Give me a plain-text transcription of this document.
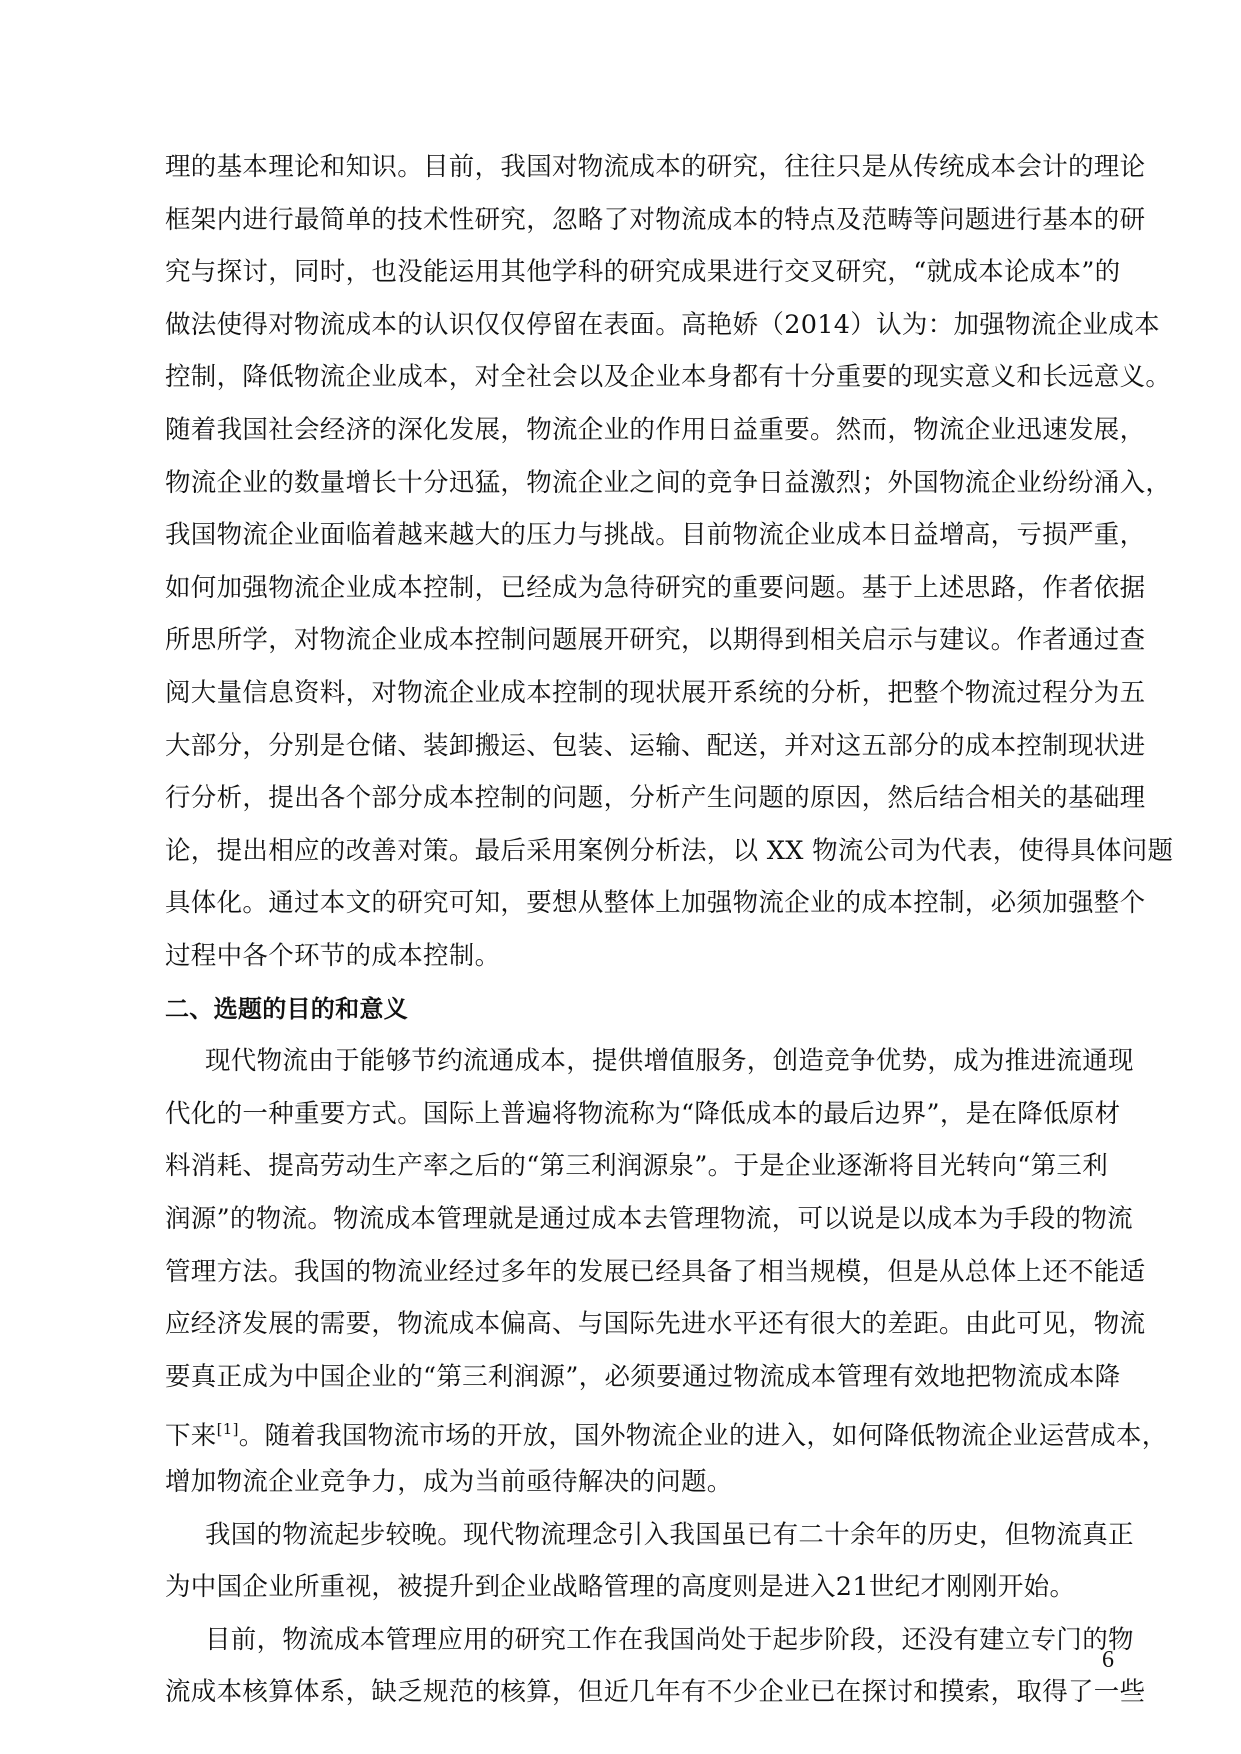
理的基本理论和知识。目前，我国对物流成本的研究，往往只是从传统成本会计的理论
框架内进行最简单的技术性研究，忽略了对物流成本的特点及范畴等问题进行基本的研
究与探讨，同时，也没能运用其他学科的研究成果进行交叉研究，“就成本论成本”的
做法使得对物流成本的认识仅仅停留在表面。高艳娇（2014）认为：加强物流企业成本
控制，降低物流企业成本，对全社会以及企业本身都有十分重要的现实意义和长远意义。
随着我国社会经济的深化发展，物流企业的作用日益重要。然而，物流企业迅速发展，
物流企业的数量增长十分迅猛，物流企业之间的竞争日益激烈；外国物流企业纷纷涌入，
我国物流企业面临着越来越大的压力与挑战。目前物流企业成本日益增高，亏损严重，
如何加强物流企业成本控制，已经成为急待研究的重要问题。基于上述思路，作者依据
所思所学，对物流企业成本控制问题展开研究，以期得到相关启示与建议。作者通过查
阅大量信息资料，对物流企业成本控制的现状展开系统的分析，把整个物流过程分为五
大部分，分别是仓储、装卸搬运、包装、运输、配送，并对这五部分的成本控制现状进
行分析，提出各个部分成本控制的问题，分析产生问题的原因，然后结合相关的基础理
论，提出相应的改善对策。最后采用案例分析法，以 XX 物流公司为代表，使得具体问题
具体化。通过本文的研究可知，要想从整体上加强物流企业的成本控制，必须加强整个
过程中各个环节的成本控制。
二、选题的目的和意义
现代物流由于能够节约流通成本，提供增值服务，创造竞争优势，成为推进流通现
代化的一种重要方式。国际上普遍将物流称为“降低成本的最后边界”，是在降低原材
料消耗、提高劳动生产率之后的“第三利润源泉”。于是企业逐渐将目光转向“第三利
润源”的物流。物流成本管理就是通过成本去管理物流，可以说是以成本为手段的物流
管理方法。我国的物流业经过多年的发展已经具备了相当规模，但是从总体上还不能适
应经济发展的需要，物流成本偏高、与国际先进水平还有很大的差距。由此可见，物流
要真正成为中国企业的“第三利润源”，必须要通过物流成本管理有效地把物流成本降
下来[1]。随着我国物流市场的开放，国外物流企业的进入，如何降低物流企业运营成本，
增加物流企业竞争力，成为当前亟待解决的问题。
我国的物流起步较晚。现代物流理念引入我国虽已有二十余年的历史，但物流真正
为中国企业所重视，被提升到企业战略管理的高度则是进入21世纪才刚刚开始。
目前，物流成本管理应用的研究工作在我国尚处于起步阶段，还没有建立专门的物
流成本核算体系，缺乏规范的核算，但近几年有不少企业已在探讨和摸索，取得了一些
6
